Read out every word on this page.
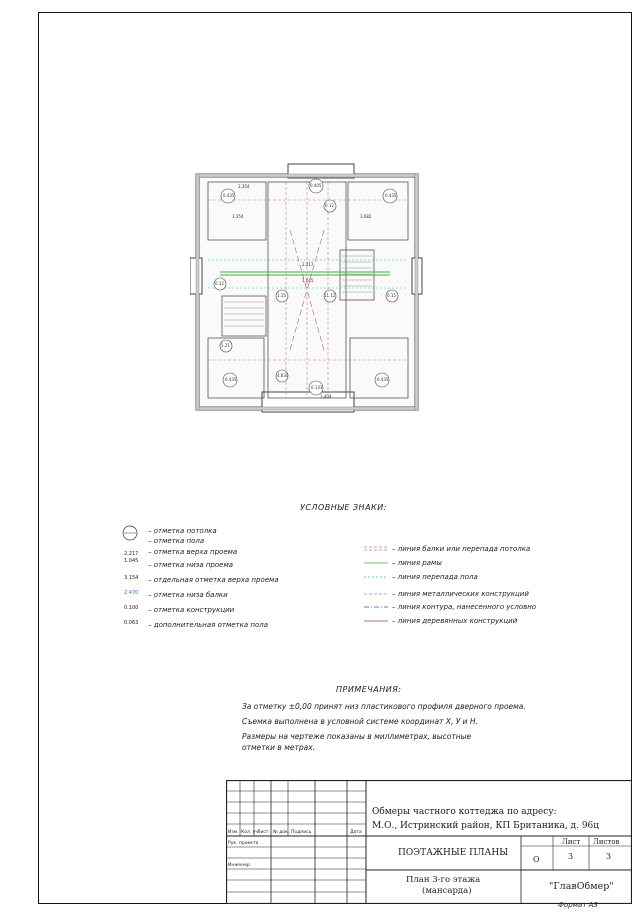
0.435	0.435
0.405
0.12
0.12
1.15	11.12	0.15
5.21
6.435
4.830
0.133
6.435
3.354
3.682
3.354
2.217
1.045
3.404
УСЛОВНЫЕ ЗНАКИ:
– отметка потолка
– отметка пола
2.217 – отметка верха проема
1.045 – отметка низа проема
3.154 – отдельная отметка верха проема
2.470 – отметка низа балки
0.100 – отметка конструкции
0.063 – дополнительная отметка пола
– линия балки или перепада потолка
– линия рамы
– линия перепада пола
– линия металлических конструкций
– линия контура, нанесенного условно
– линия деревянных конструкций
ПРИМЕЧАНИЯ:
За отметку ±0,00 принят низ пластикового профиля дверного проема.
Съемка выполнена в условной системе координат Х, У и Н.
Размеры на чертеже показаны в миллиметрах, высотные
отметки в метрах.
Изм. Кол. уч.
Лист № док. Подпись	Дата
Рук. проекта
Инженер
Обмеры частного коттеджа по адресу:
М.О., Истринский район, КП Британика, д. 96ц
ПОЭТАЖНЫЕ ПЛАНЫ
О
Лист Листов
3	3
План 3-го этажа
(мансарда)	"ГлавОбмер"
Формат А3
